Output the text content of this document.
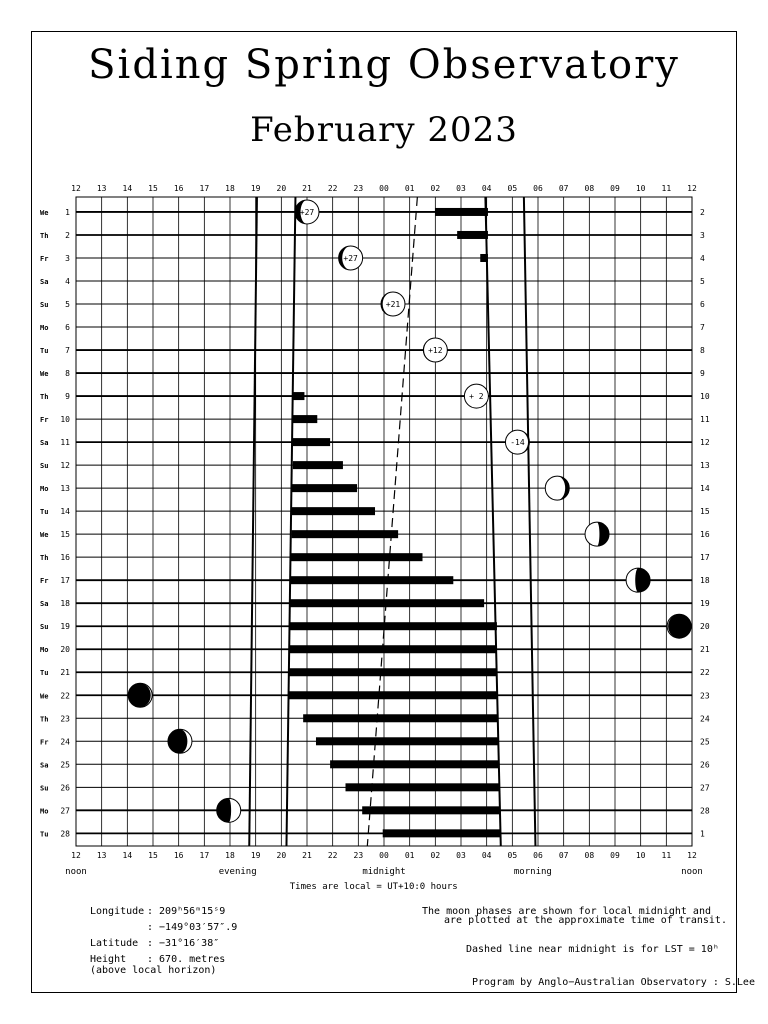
Siding Spring Observatory
February 2023
12
12
13
13
14
14
15
15
16
16
17
17
18
18
19
19
20
20
21
21
22
22
23
23
00
00
01
01
02
02
03
03
04
04
05
05
06
06
07
07
08
08
09
09
10
10
11
11
12
12
We 1	2
Th 2	3
Fr 3	4
Sa 4	5
Su 5	6
Mo 6	7
Tu 7	8
We 8	9
Th 9	10
Fr 10	11
Sa 11	12
Su 12	13
Mo 13	14
Tu 14	15
We 15	16
Th 16	17
Fr 17	18
Sa 18	19
Su 19	20
Mo 20	21
Tu 21	22
We 22	23
Th 23	24
Fr 24	25
Sa 25	26
Su 26	27
Mo 27	28
Tu 28	1
+27
+27
+21
+12
+ 2
-14
noon	evening	midnight	morning	noon
Times are local = UT+10:0 hours
Longitude : 209ʰ56ᵐ15ˢ9
: −149°03′57″.9
Latitude : −31°16′38″
Height : 670. metres
(above local horizon)
The moon phases are shown for local midnight and
are plotted at the approximate time of transit.
Dashed line near midnight is for LST = 10ʰ
Program by Anglo−Australian Observatory : S.Lee
